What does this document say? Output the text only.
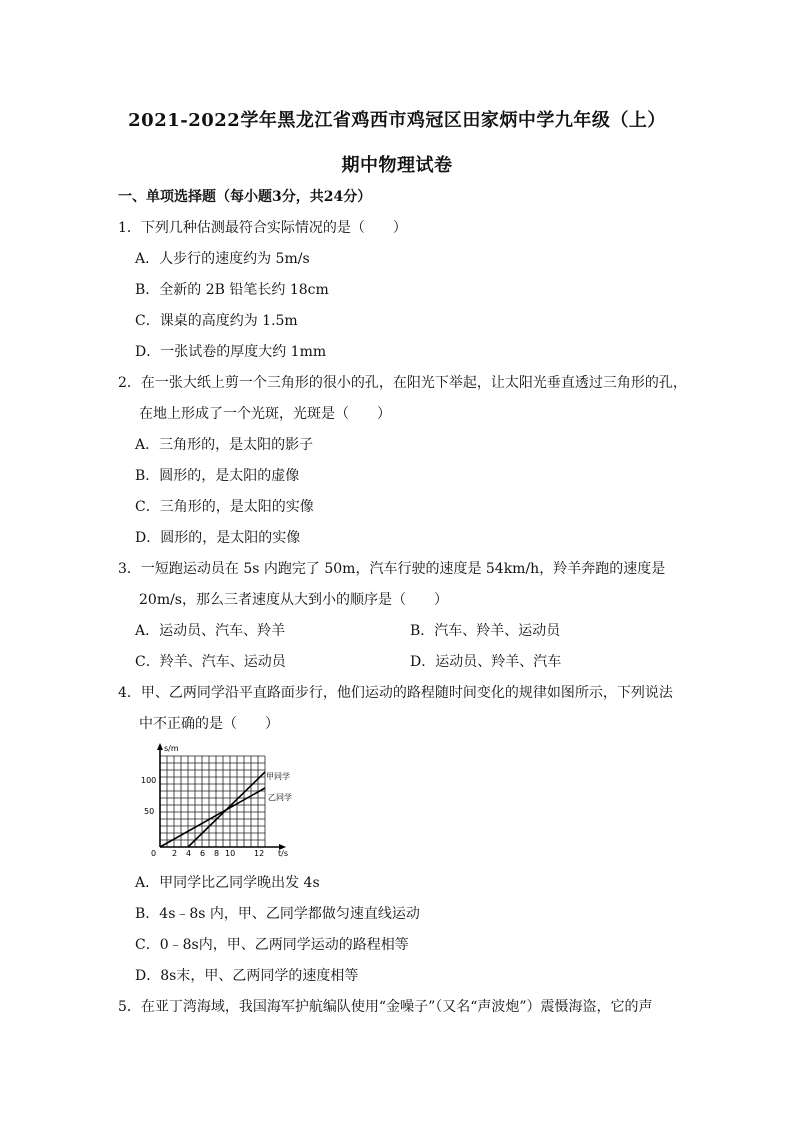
2021-2022学年黑龙江省鸡西市鸡冠区田家炳中学九年级（上）
期中物理试卷
一、单项选择题（每小题3分，共24分）
1．下列几种估测最符合实际情况的是（　　）
A．人步行的速度约为 5m/s
B．全新的 2B 铅笔长约 18cm
C．课桌的高度约为 1.5m
D．一张试卷的厚度大约 1mm
2．在一张大纸上剪一个三角形的很小的孔，在阳光下举起，让太阳光垂直透过三角形的孔，
在地上形成了一个光斑，光斑是（　　）
A．三角形的，是太阳的影子
B．圆形的，是太阳的虚像
C．三角形的，是太阳的实像
D．圆形的，是太阳的实像
3．一短跑运动员在 5s 内跑完了 50m，汽车行驶的速度是 54km/h，羚羊奔跑的速度是
20m/s，那么三者速度从大到小的顺序是（　　）
A．运动员、汽车、羚羊	B．汽车、羚羊、运动员
C．羚羊、汽车、运动员	D．运动员、羚羊、汽车
4．甲、乙两同学沿平直路面步行，他们运动的路程随时间变化的规律如图所示，下列说法
中不正确的是（　　）
s/m
100
50
0 2 4 6 8 10 12 t/s
甲同学
乙同学
A．甲同学比乙同学晚出发 4s
B．4s﹣8s 内，甲、乙同学都做匀速直线运动
C．0﹣8s内，甲、乙两同学运动的路程相等
D．8s末，甲、乙两同学的速度相等
5．在亚丁湾海域，我国海军护航编队使用“金噪子”（又名“声波炮”）震慑海盗，它的声
